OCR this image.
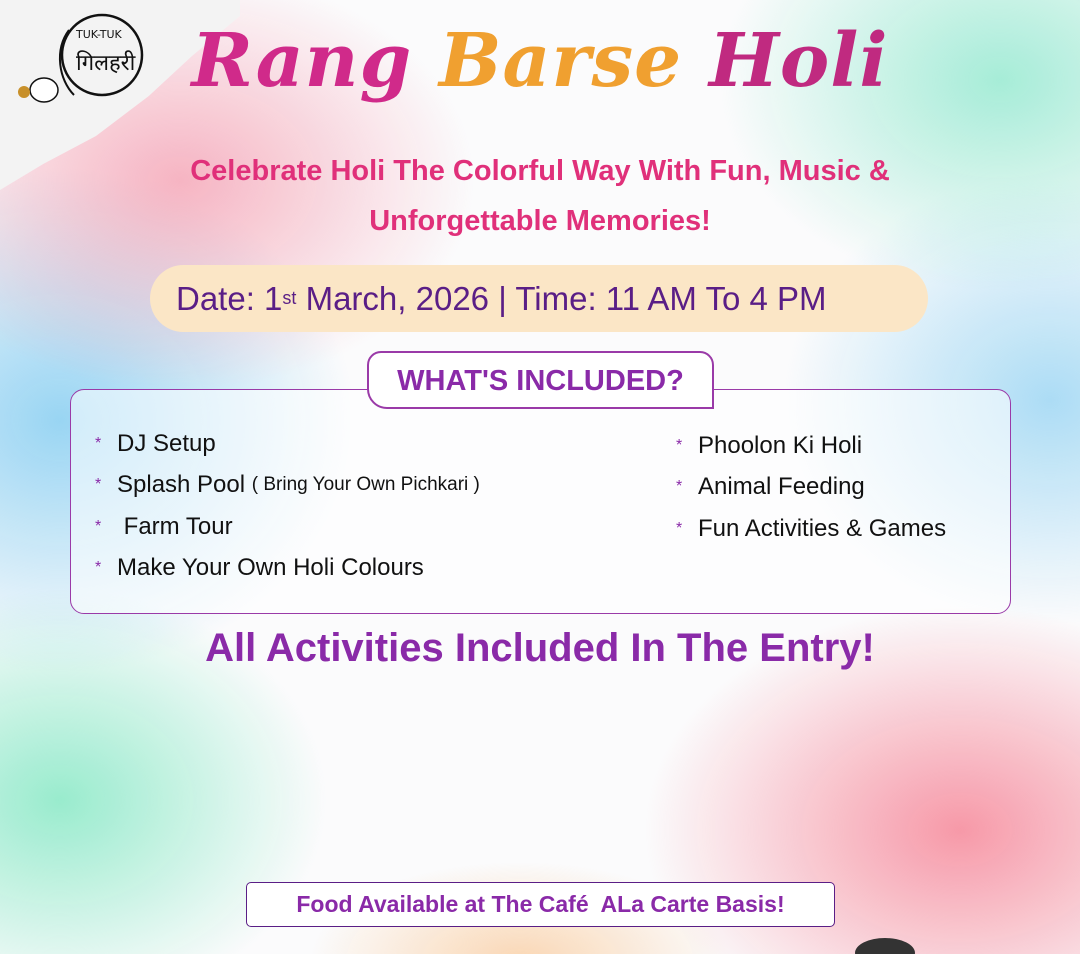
TUK-TUK
गिलहरी Rang Barse Holi
Celebrate Holi The Colorful Way With Fun, Music &
Unforgettable Memories!
Date: 1 st March, 2026 | Time: 11 AM To 4 PM
WHAT'S INCLUDED?
* DJ Setup
* Splash Pool
( Bring Your Own Pichkari )
*
Farm Tour
* Make Your Own Holi Colours
* Phoolon Ki Holi
* Animal Feeding
* Fun Activities & Games
All Activities Included In The Entry!
Food Available at The Café  ALa Carte Basis!
